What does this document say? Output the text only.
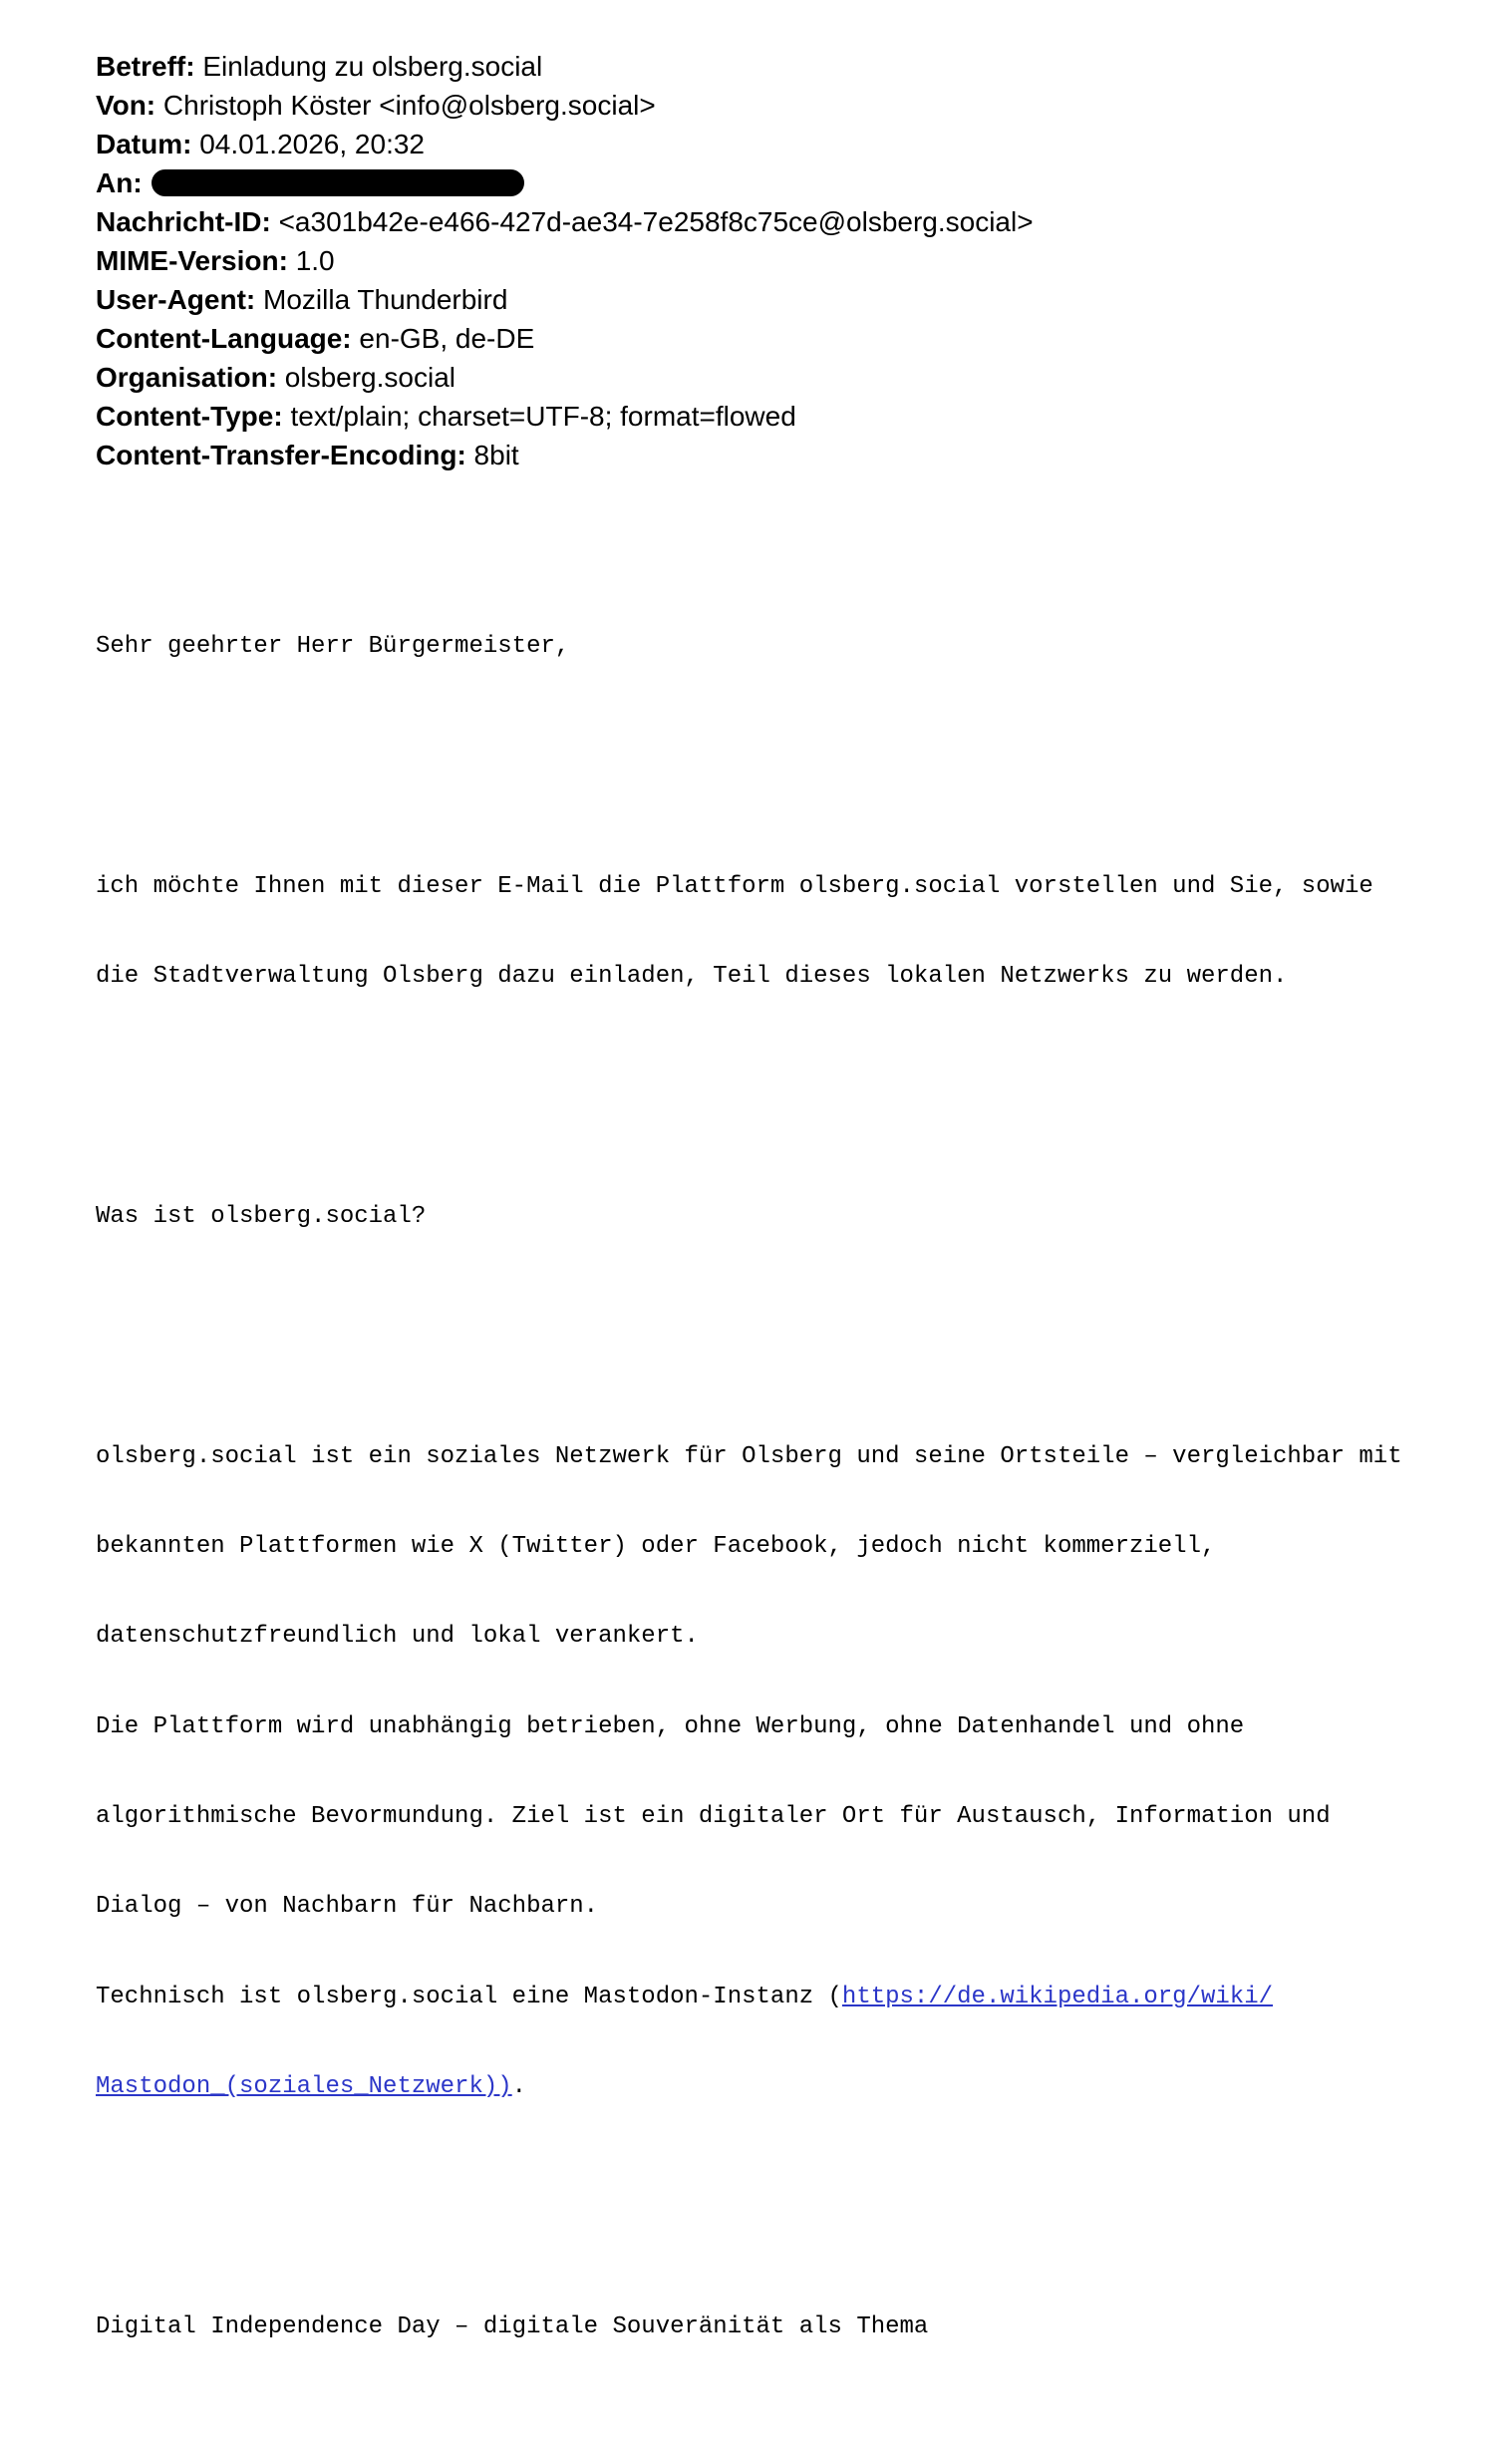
Betreff: Einladung zu olsberg.social
Von: Christoph Köster <info@olsberg.social>
Datum: 04.01.2026, 20:32
An:
Nachricht-ID: <a301b42e-e466-427d-ae34-7e258f8c75ce@olsberg.social>
MIME-Version: 1.0
User-Agent: Mozilla Thunderbird
Content-Language: en-GB, de-DE
Organisation: olsberg.social
Content-Type: text/plain; charset=UTF-8; format=flowed
Content-Transfer-Encoding: 8bit

Sehr geehrter Herr Bürgermeister,

ich möchte Ihnen mit dieser E-Mail die Plattform olsberg.social vorstellen und Sie, sowie

die Stadtverwaltung Olsberg dazu einladen, Teil dieses lokalen Netzwerks zu werden.

Was ist olsberg.social?

olsberg.social ist ein soziales Netzwerk für Olsberg und seine Ortsteile – vergleichbar mit

bekannten Plattformen wie X (Twitter) oder Facebook, jedoch nicht kommerziell,

datenschutzfreundlich und lokal verankert.

Die Plattform wird unabhängig betrieben, ohne Werbung, ohne Datenhandel und ohne

algorithmische Bevormundung. Ziel ist ein digitaler Ort für Austausch, Information und

Dialog – von Nachbarn für Nachbarn.

Technisch ist olsberg.social eine Mastodon-Instanz (https://de.wikipedia.org/wiki/

Mastodon_(soziales_Netzwerk)).

Digital Independence Day – digitale Souveränität als Thema
